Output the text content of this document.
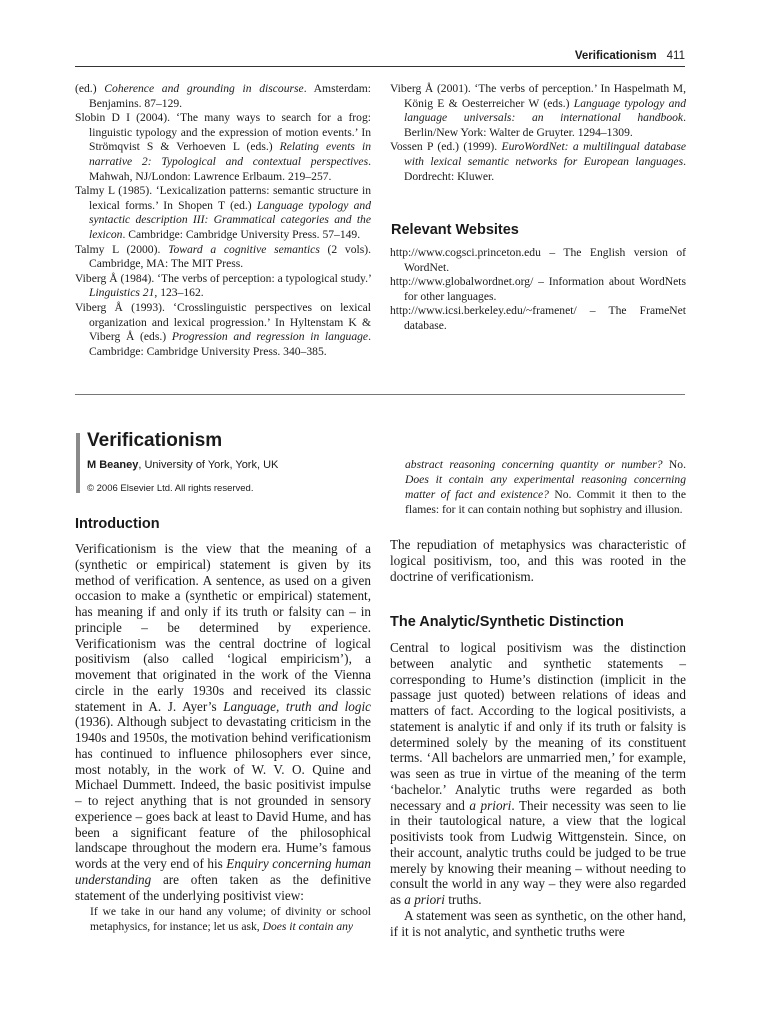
Verificationism 411

(ed.) Coherence and grounding in discourse. Amsterdam: Benjamins. 87–129.

Slobin D I (2004). ‘The many ways to search for a frog: linguistic typology and the expression of motion events.’ In Strömqvist S & Verhoeven L (eds.) Relating events in narrative 2: Typological and contextual perspectives. Mahwah, NJ/London: Lawrence Erlbaum. 219–257.

Talmy L (1985). ‘Lexicalization patterns: semantic structure in lexical forms.’ In Shopen T (ed.) Language typology and syntactic description III: Grammatical categories and the lexicon. Cambridge: Cambridge University Press. 57–149.

Talmy L (2000). Toward a cognitive semantics (2 vols). Cambridge, MA: The MIT Press.

Viberg Å (1984). ‘The verbs of perception: a typological study.’ Linguistics 21, 123–162.

Viberg Å (1993). ‘Crosslinguistic perspectives on lexical organization and lexical progression.’ In Hyltenstam K & Viberg Å (eds.) Progression and regression in language. Cambridge: Cambridge University Press. 340–385.

Viberg Å (2001). ‘The verbs of perception.’ In Haspelmath M, König E & Oesterreicher W (eds.) Language typology and language universals: an international handbook. Berlin/New York: Walter de Gruyter. 1294–1309.

Vossen P (ed.) (1999). EuroWordNet: a multilingual database with lexical semantic networks for European languages. Dordrecht: Kluwer.

Relevant Websites

http://www.cogsci.princeton.edu – The English version of WordNet.

http://www.globalwordnet.org/ – Information about WordNets for other languages.

http://www.icsi.berkeley.edu/~framenet/ – The FrameNet database.

Verificationism
M Beaney, University of York, York, UK
© 2006 Elsevier Ltd. All rights reserved.
Introduction

Verificationism is the view that the meaning of a (synthetic or empirical) statement is given by its method of verification. A sentence, as used on a given occasion to make a (synthetic or empirical) statement, has meaning if and only if its truth or falsity can – in principle – be determined by experience. Verificationism was the central doctrine of logical positivism (also called ‘logical empiricism’), a movement that originated in the work of the Vienna circle in the early 1930s and received its classic statement in A. J. Ayer’s Language, truth and logic (1936). Although subject to devastating criticism in the 1940s and 1950s, the motivation behind verificationism has continued to influence philosophers ever since, most notably, in the work of W. V. O. Quine and Michael Dummett. Indeed, the basic positivist impulse – to reject anything that is not grounded in sensory experience – goes back at least to David Hume, and has been a significant feature of the philosophical landscape throughout the modern era. Hume’s famous words at the very end of his Enquiry concerning human understanding are often taken as the definitive statement of the underlying positivist view:

If we take in our hand any volume; of divinity or school metaphysics, for instance; let us ask, Does it contain any
abstract reasoning concerning quantity or number? No. Does it contain any experimental reasoning concerning matter of fact and existence? No. Commit it then to the flames: for it can contain nothing but sophistry and illusion.

The repudiation of metaphysics was characteristic of logical positivism, too, and this was rooted in the doctrine of verificationism.

The Analytic/Synthetic Distinction

Central to logical positivism was the distinction between analytic and synthetic statements – corresponding to Hume’s distinction (implicit in the passage just quoted) between relations of ideas and matters of fact. According to the logical positivists, a statement is analytic if and only if its truth or falsity is determined solely by the meaning of its constituent terms. ‘All bachelors are unmarried men,’ for example, was seen as true in virtue of the meaning of the term ‘bachelor.’ Analytic truths were regarded as both necessary and a priori. Their necessity was seen to lie in their tautological nature, a view that the logical positivists took from Ludwig Wittgenstein. Since, on their account, analytic truths could be judged to be true merely by knowing their meaning – without needing to consult the world in any way – they were also regarded as a priori truths.

A statement was seen as synthetic, on the other hand, if it is not analytic, and synthetic truths were
